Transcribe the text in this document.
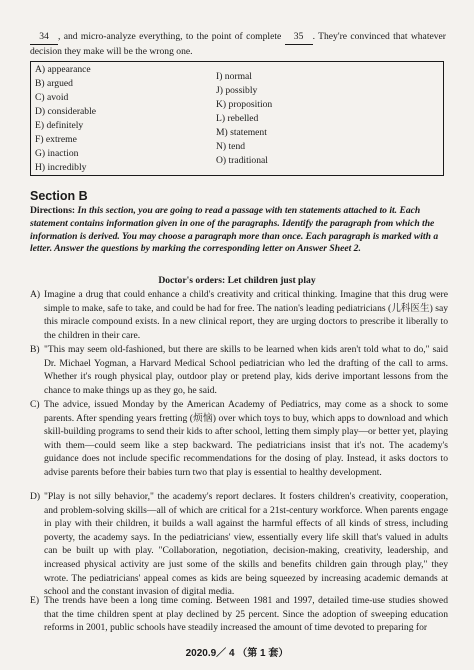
34 , and micro-analyze everything, to the point of complete 35 . They're convinced that whatever decision they make will be the wrong one.
A) appearance
B) argued
C) avoid
D) considerable
E) definitely
F) extreme
G) inaction
H) incredibly
I) normal
J) possibly
K) proposition
L) rebelled
M) statement
N) tend
O) traditional
Section B
Directions: In this section, you are going to read a passage with ten statements attached to it. Each statement contains information given in one of the paragraphs. Identify the paragraph from which the information is derived. You may choose a paragraph more than once. Each paragraph is marked with a letter. Answer the questions by marking the corresponding letter on Answer Sheet 2.
Doctor's orders: Let children just play
A) Imagine a drug that could enhance a child's creativity and critical thinking. Imagine that this drug were simple to make, safe to take, and could be had for free. The nation's leading pediatricians (儿科医生) say this miracle compound exists. In a new clinical report, they are urging doctors to prescribe it liberally to the children in their care.
B) "This may seem old-fashioned, but there are skills to be learned when kids aren't told what to do," said Dr. Michael Yogman, a Harvard Medical School pediatrician who led the drafting of the call to arms. Whether it's rough physical play, outdoor play or pretend play, kids derive important lessons from the chance to make things up as they go, he said.
C) The advice, issued Monday by the American Academy of Pediatrics, may come as a shock to some parents. After spending years fretting (烦恼) over which toys to buy, which apps to download and which skill-building programs to send their kids to after school, letting them simply play—or better yet, playing with them—could seem like a step backward. The pediatricians insist that it's not. The academy's guidance does not include specific recommendations for the dosing of play. Instead, it asks doctors to advise parents before their babies turn two that play is essential to healthy development.
D) "Play is not silly behavior," the academy's report declares. It fosters children's creativity, cooperation, and problem-solving skills—all of which are critical for a 21st-century workforce. When parents engage in play with their children, it builds a wall against the harmful effects of all kinds of stress, including poverty, the academy says. In the pediatricians' view, essentially every life skill that's valued in adults can be built up with play. "Collaboration, negotiation, decision-making, creativity, leadership, and increased physical activity are just some of the skills and benefits children gain through play," they wrote. The pediatricians' appeal comes as kids are being squeezed by increasing academic demands at school and the constant invasion of digital media.
E) The trends have been a long time coming. Between 1981 and 1997, detailed time-use studies showed that the time children spent at play declined by 25 percent. Since the adoption of sweeping education reforms in 2001, public schools have steadily increased the amount of time devoted to preparing for
2020.9／ 4 （第 1 套）
